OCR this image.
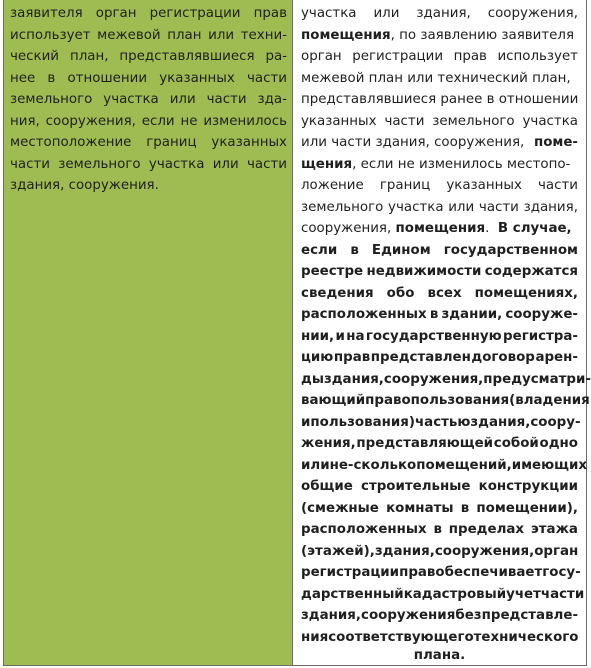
заявителя орган регистрации прав
использует межевой план или техни-
ческий план, представлявшиеся ра-
нее в отношении указанных части
земельного участка или части зда-
ния, сооружения, если не изменилось
местоположение границ указанных
части земельного участка или части
здания, сооружения.
участка или здания, сооружения,
помещения, по заявлению заявителя
орган регистрации прав использует
межевой план или технический план,
представлявшиеся ранее в отношении
указанных части земельного участка
или части здания, сооружения, поме-
щения, если не изменилось местопо-
ложение границ указанных части
земельного участка или части здания,
сооружения, помещения. В случае,
если в Едином государственном
реестре недвижимости содержатся
сведения обо всех помещениях,
расположенных в здании, сооруже-
нии, и на государственную регистра-
цию прав представлен договор арен-
ды здания, сооружения, предусматри-
вающий право пользования (владения
и пользования) частью здания, соору-
жения, представляющей собой одно
или не-сколько помещений, имеющих
общие строительные конструкции
(смежные комнаты в помещении),
расположенных в пределах этажа
(этажей), здания, сооружения, орган
регистрации прав обеспечивает госу-
дарственный кадастровый учет части
здания, сооружения без представле-
ния соответствующего технического
плана.
